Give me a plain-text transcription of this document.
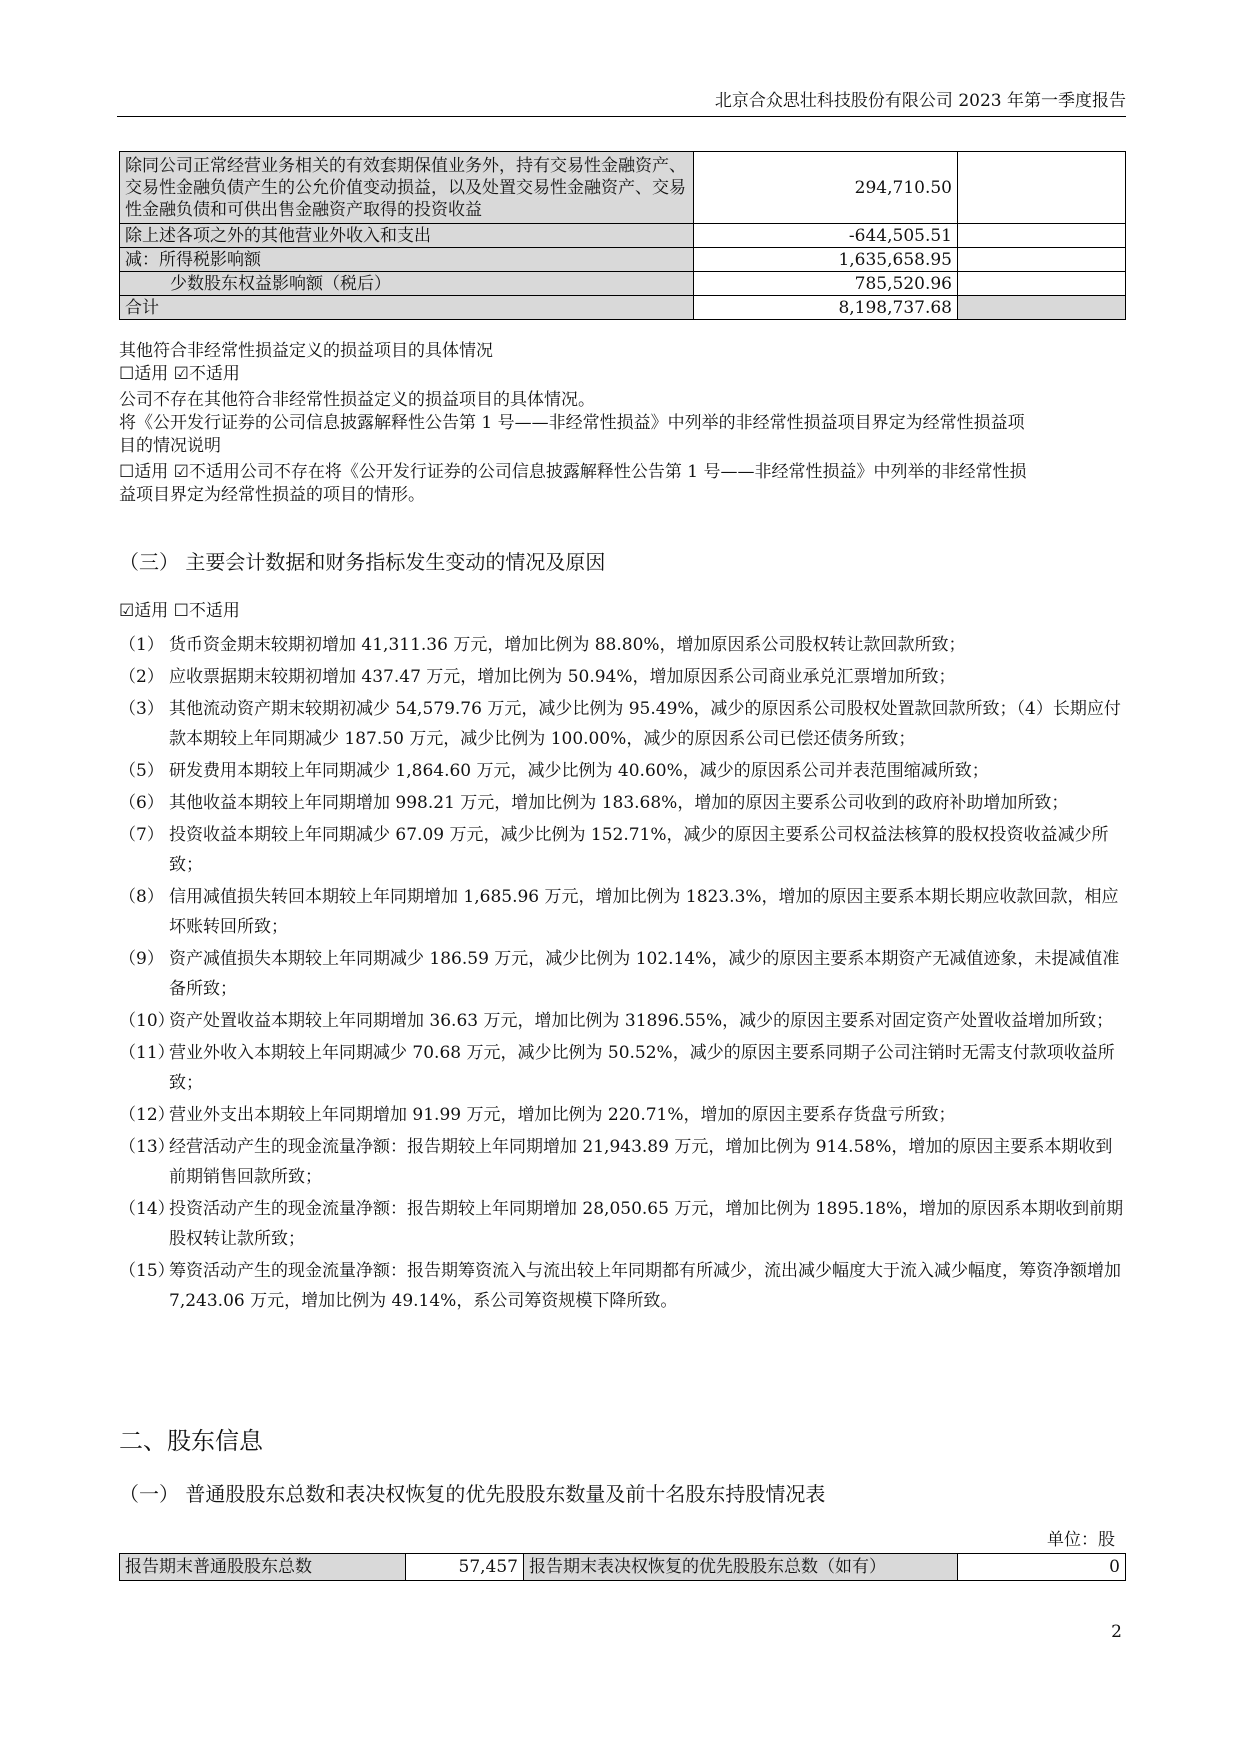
北京合众思壮科技股份有限公司 2023 年第一季度报告
除同公司正常经营业务相关的有效套期保值业务外，持有交易性金融资产、交易性金融负债产生的公允价值变动损益，以及处置交易性金融资产、交易性金融负债和可供出售金融资产取得的投资收益	294,710.50	
除上述各项之外的其他营业外收入和支出	-644,505.51	
减：所得税影响额	1,635,658.95	
少数股东权益影响额（税后）	785,520.96	
合计	8,198,737.68	
其他符合非经常性损益定义的损益项目的具体情况
☐适用 ☑不适用
公司不存在其他符合非经常性损益定义的损益项目的具体情况。
将《公开发行证券的公司信息披露解释性公告第 1 号——非经常性损益》中列举的非经常性损益项目界定为经常性损益项
目的情况说明
☐适用 ☑不适用公司不存在将《公开发行证券的公司信息披露解释性公告第 1 号——非经常性损益》中列举的非经常性损
益项目界定为经常性损益的项目的情形。
（三） 主要会计数据和财务指标发生变动的情况及原因
☑适用 ☐不适用
（1） 货币资金期末较期初增加 41,311.36 万元，增加比例为 88.80%，增加原因系公司股权转让款回款所致；
（2） 应收票据期末较期初增加 437.47 万元，增加比例为 50.94%，增加原因系公司商业承兑汇票增加所致；
（3） 其他流动资产期末较期初减少 54,579.76 万元，减少比例为 95.49%，减少的原因系公司股权处置款回款所致；（4）长期应付款本期较上年同期减少 187.50 万元，减少比例为 100.00%，减少的原因系公司已偿还债务所致；
（5） 研发费用本期较上年同期减少 1,864.60 万元，减少比例为 40.60%，减少的原因系公司并表范围缩减所致；
（6） 其他收益本期较上年同期增加 998.21 万元，增加比例为 183.68%，增加的原因主要系公司收到的政府补助增加所致；
（7） 投资收益本期较上年同期减少 67.09 万元，减少比例为 152.71%，减少的原因主要系公司权益法核算的股权投资收益减少所致；
（8） 信用减值损失转回本期较上年同期增加 1,685.96 万元，增加比例为 1823.3%，增加的原因主要系本期长期应收款回款，相应坏账转回所致；
（9） 资产减值损失本期较上年同期减少 186.59 万元，减少比例为 102.14%，减少的原因主要系本期资产无减值迹象，未提减值准备所致；
（10）
资产处置收益本期较上年同期增加 36.63 万元，增加比例为 31896.55%，减少的原因主要系对固定资产处置收益增加所致；
（11）
营业外收入本期较上年同期减少 70.68 万元，减少比例为 50.52%，减少的原因主要系同期子公司注销时无需支付款项收益所致；
（12）
营业外支出本期较上年同期增加 91.99 万元，增加比例为 220.71%，增加的原因主要系存货盘亏所致；
（13）
经营活动产生的现金流量净额：报告期较上年同期增加 21,943.89 万元，增加比例为 914.58%，增加的原因主要系本期收到前期销售回款所致；
（14）
投资活动产生的现金流量净额：报告期较上年同期增加 28,050.65 万元，增加比例为 1895.18%，增加的原因系本期收到前期股权转让款所致；
（15）
筹资活动产生的现金流量净额：报告期筹资流入与流出较上年同期都有所减少，流出减少幅度大于流入减少幅度，筹资净额增加 7,243.06 万元，增加比例为 49.14%，系公司筹资规模下降所致。
二、股东信息
（一） 普通股股东总数和表决权恢复的优先股股东数量及前十名股东持股情况表
单位：股
报告期末普通股股东总数	57,457	报告期末表决权恢复的优先股股东总数（如有）	0
2
